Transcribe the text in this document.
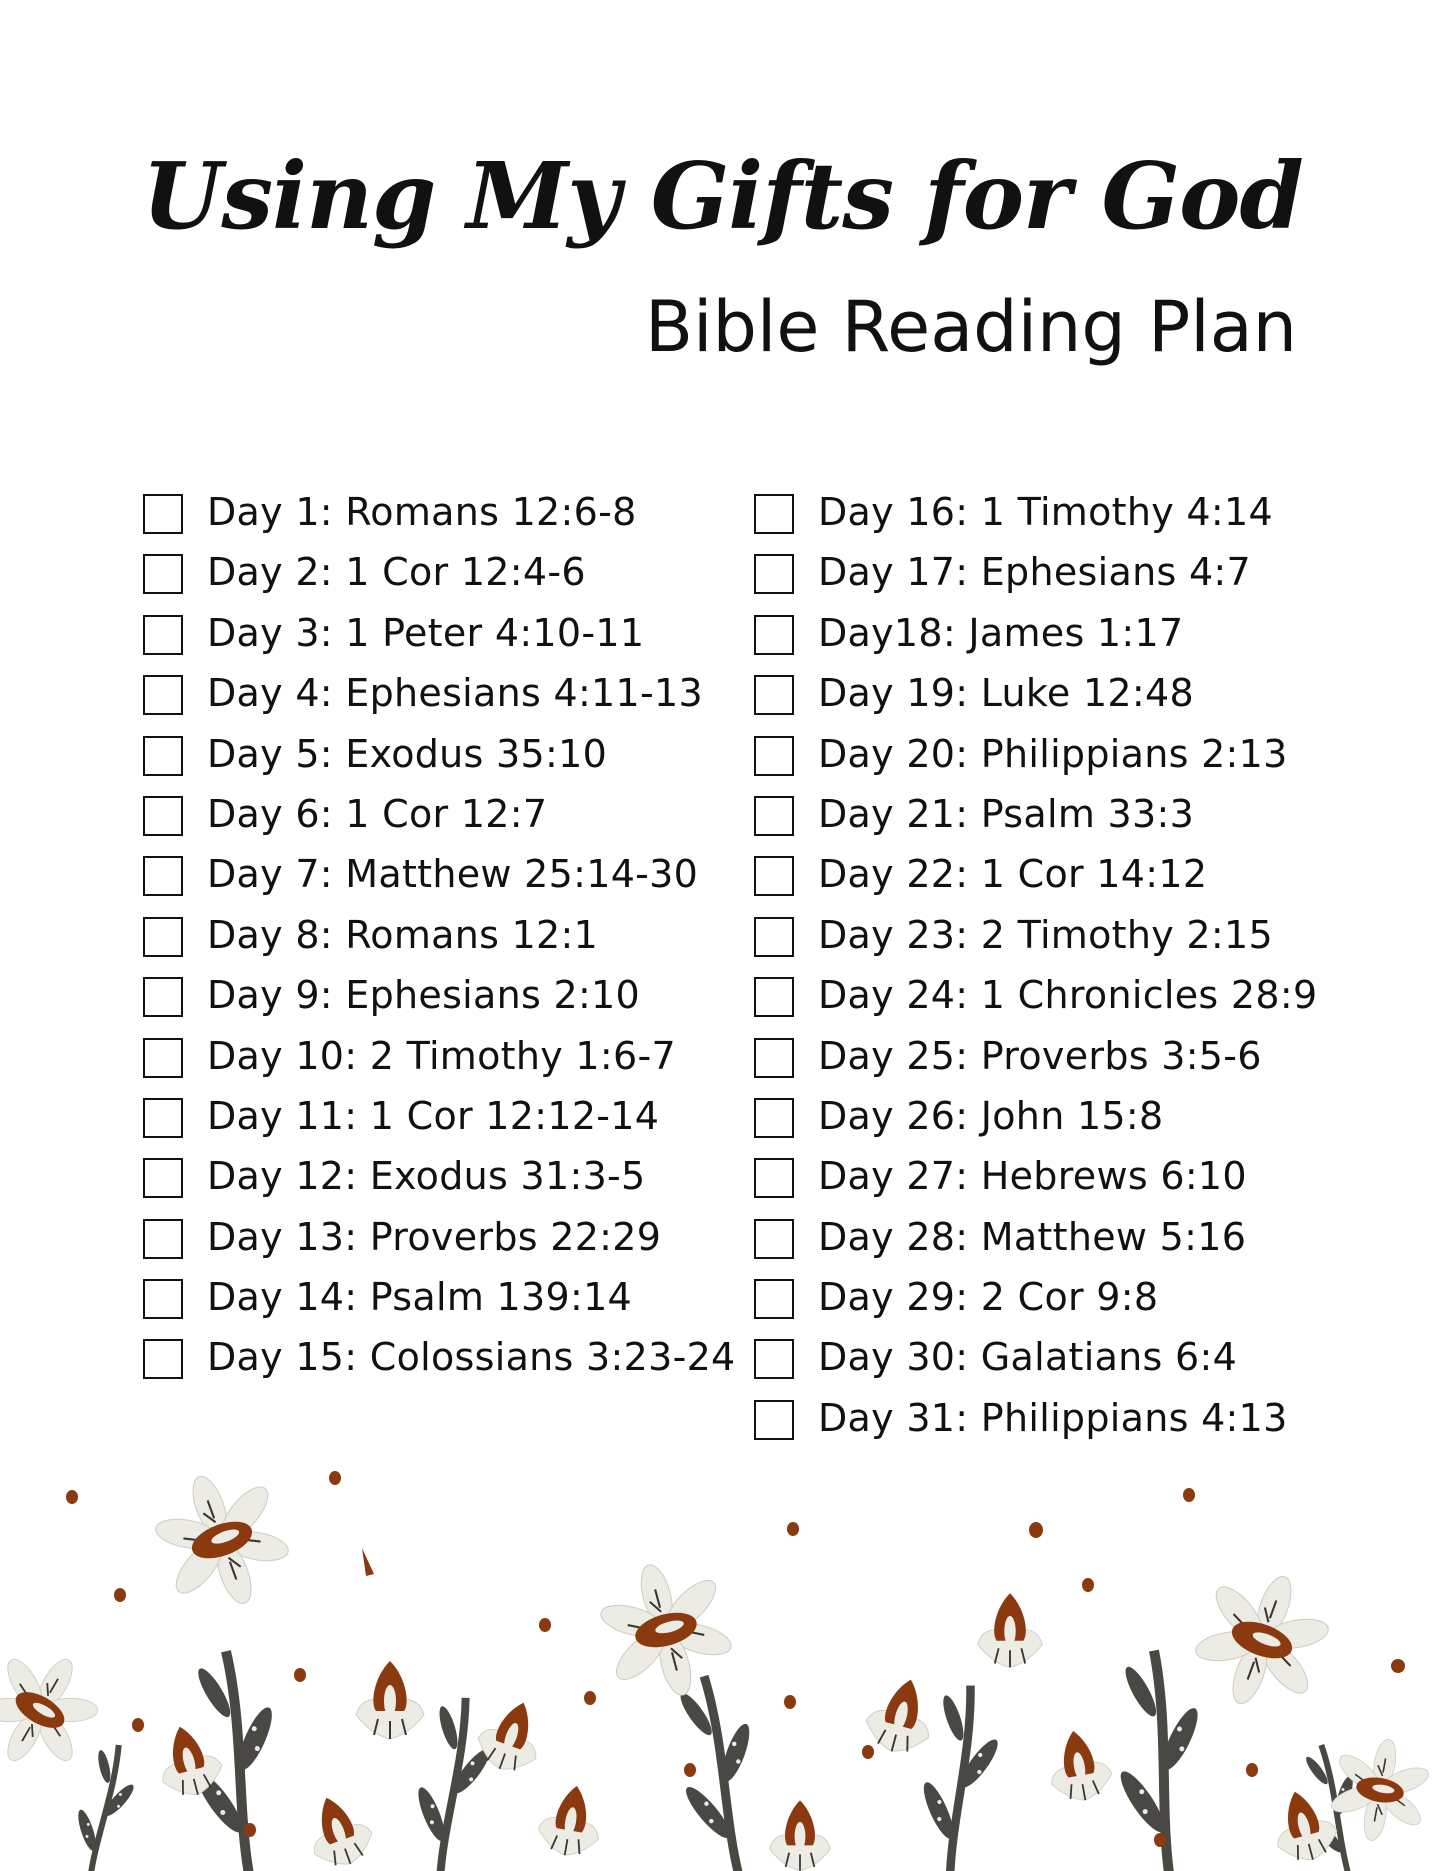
Using My Gifts for God
Bible Reading Plan
Day 1: Romans 12:6-8
Day 2: 1 Cor 12:4-6
Day 3: 1 Peter 4:10-11
Day 4: Ephesians 4:11-13
Day 5: Exodus 35:10
Day 6: 1 Cor 12:7
Day 7: Matthew 25:14-30
Day 8: Romans 12:1
Day 9: Ephesians 2:10
Day 10: 2 Timothy 1:6-7
Day 11: 1 Cor 12:12-14
Day 12: Exodus 31:3-5
Day 13: Proverbs 22:29
Day 14: Psalm 139:14
Day 15: Colossians 3:23-24
Day 16: 1 Timothy 4:14
Day 17: Ephesians 4:7
Day18: James 1:17
Day 19: Luke 12:48
Day 20: Philippians 2:13
Day 21: Psalm 33:3
Day 22: 1 Cor 14:12
Day 23: 2 Timothy 2:15
Day 24: 1 Chronicles 28:9
Day 25: Proverbs 3:5-6
Day 26: John 15:8
Day 27: Hebrews 6:10
Day 28: Matthew 5:16
Day 29: 2 Cor 9:8
Day 30: Galatians 6:4
Day 31: Philippians 4:13
